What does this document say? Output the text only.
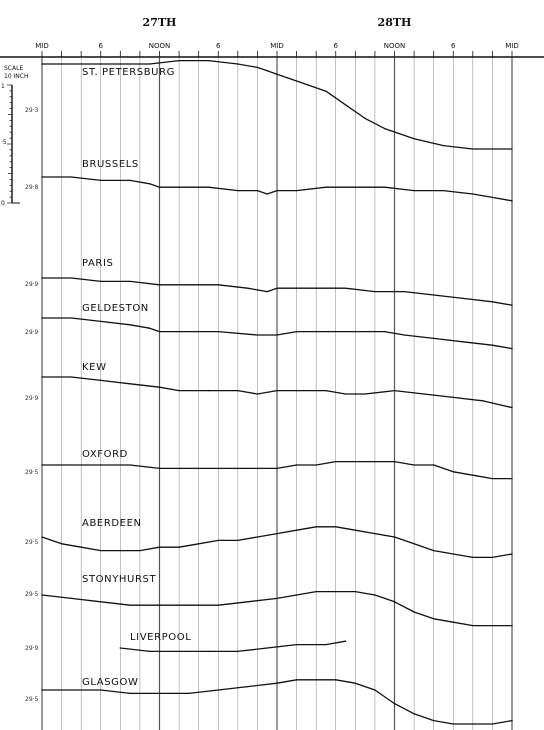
SCALE
10 INCH
1
·5
0
MID	6	NOON	6	MID	6	NOON	6	MID
27TH	28TH
ST. PETERSBURG
29·3
BRUSSELS
29·8
PARIS
29·9
GELDESTON
29·9
KEW
29·9
OXFORD
29·5
ABERDEEN
29·5
STONYHURST
29·5
LIVERPOOL
29·9
GLASGOW
29·5
